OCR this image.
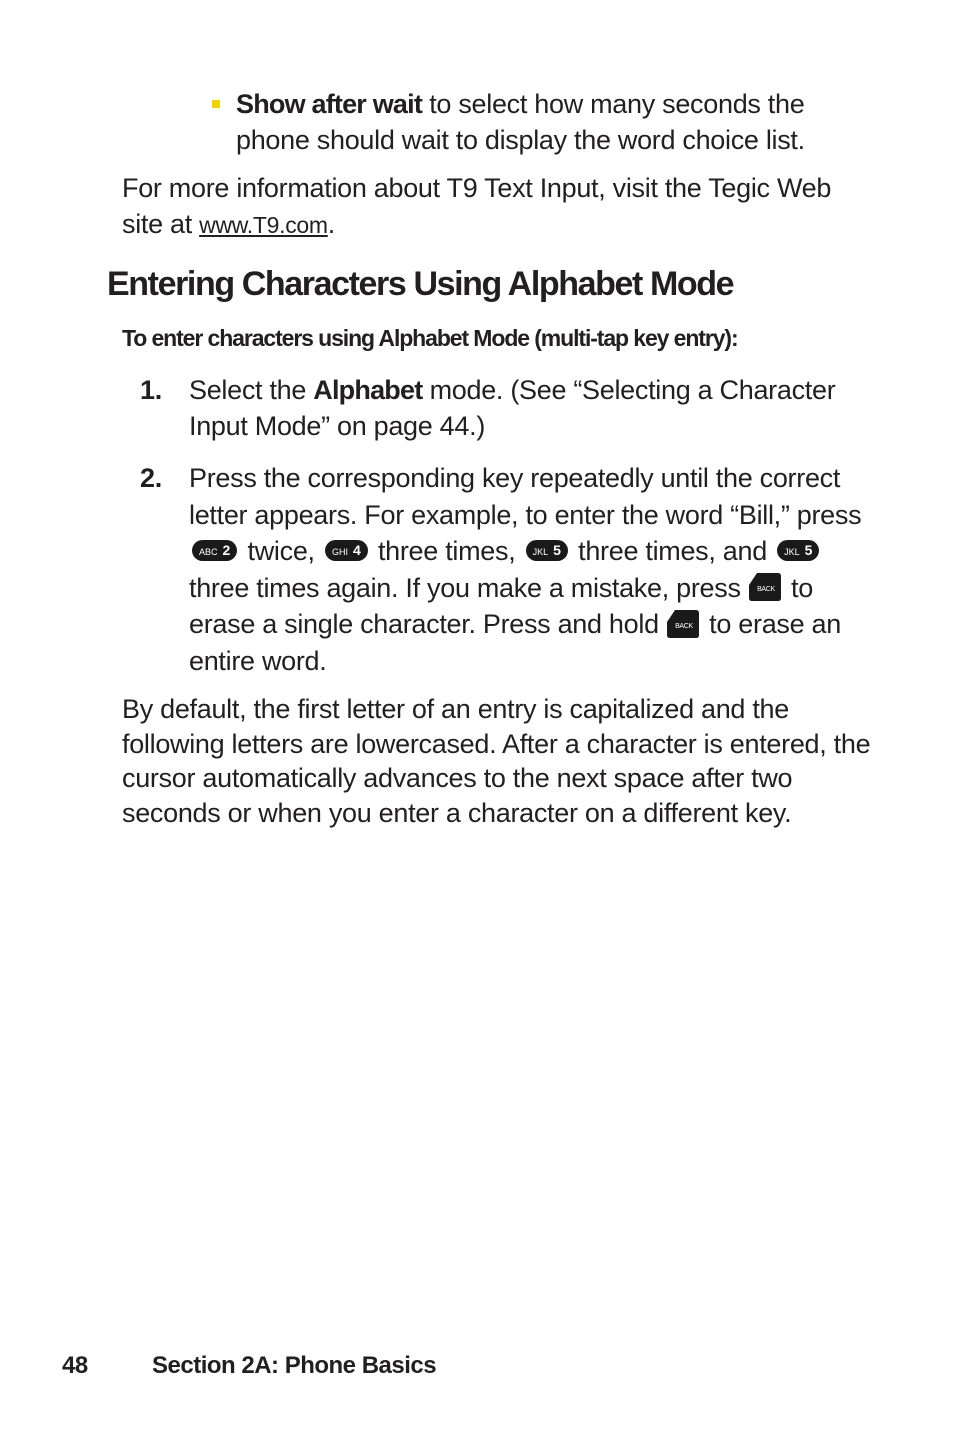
Show after wait to select how many seconds the phone should wait to display the word choice list.
For more information about T9 Text Input, visit the Tegic Web site at www.T9.com.
Entering Characters Using Alphabet Mode
To enter characters using Alphabet Mode (multi-tap key entry):
1. Select the Alphabet mode. (See “Selecting a Character Input Mode” on page 44.)
2. Press the corresponding key repeatedly until the correct letter appears. For example, to enter the word “Bill,” press ABC 2 twice, GHI 4 three times, JKL 5 three times, and JKL 5 three times again. If you make a mistake, press BACK to erase a single character. Press and hold BACK to erase an entire word.
By default, the first letter of an entry is capitalized and the following letters are lowercased. After a character is entered, the cursor automatically advances to the next space after two seconds or when you enter a character on a different key.
48	Section 2A: Phone Basics
